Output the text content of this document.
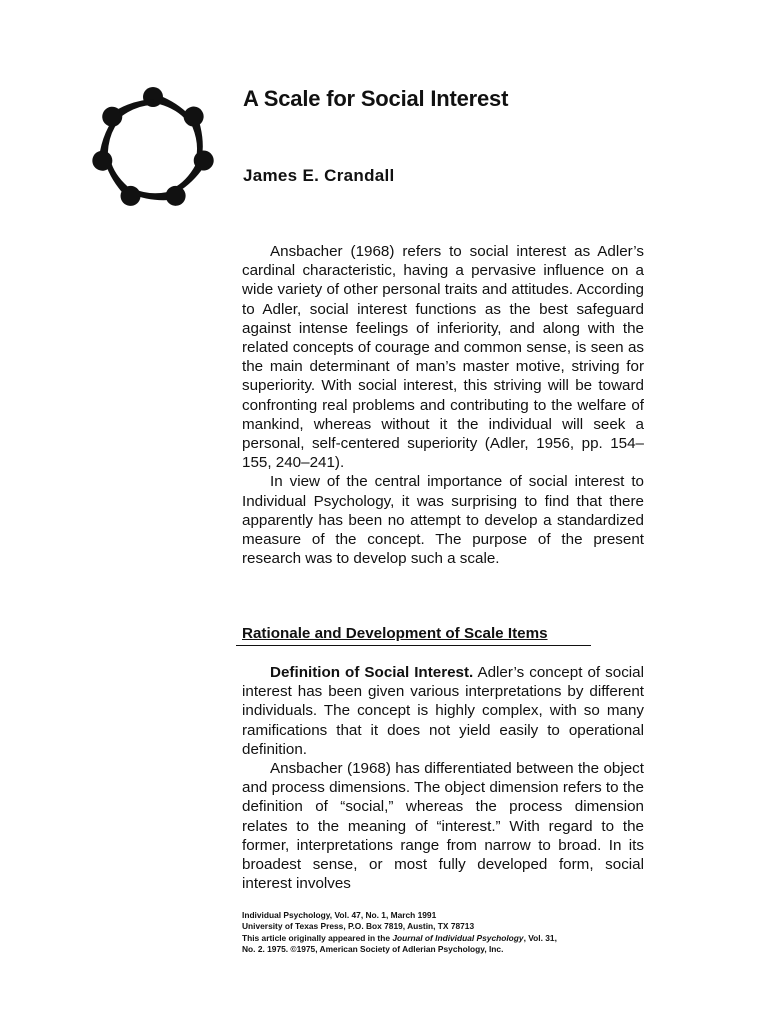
A Scale for Social Interest
James E. Crandall

Ansbacher (1968) refers to social interest as Adler’s cardinal characteristic, having a pervasive influence on a wide variety of other personal traits and attitudes. According to Adler, social interest functions as the best safeguard against intense feelings of inferiority, and along with the related concepts of courage and common sense, is seen as the main determinant of man’s master motive, striving for superiority. With social interest, this striving will be toward confronting real problems and contributing to the welfare of mankind, whereas without it the individual will seek a personal, self-centered superiority (Adler, 1956, pp. 154–155, 240–241).

In view of the central importance of social interest to Individual Psychology, it was surprising to find that there apparently has been no attempt to develop a standardized measure of the concept. The purpose of the present research was to develop such a scale.

Rationale and Development of Scale Items

Definition of Social Interest. Adler’s concept of social interest has been given various interpretations by different individuals. The concept is highly complex, with so many ramifications that it does not yield easily to operational definition.

Ansbacher (1968) has differentiated between the object and process dimensions. The object dimension refers to the definition of “social,” whereas the process dimension relates to the meaning of “interest.” With regard to the former, interpretations range from narrow to broad. In its broadest sense, or most fully developed form, social interest involves

Individual Psychology, Vol. 47, No. 1, March 1991
University of Texas Press, P.O. Box 7819, Austin, TX 78713
This article originally appeared in the Journal of Individual Psychology, Vol. 31,
No. 2. 1975. ©1975, American Society of Adlerian Psychology, Inc.
